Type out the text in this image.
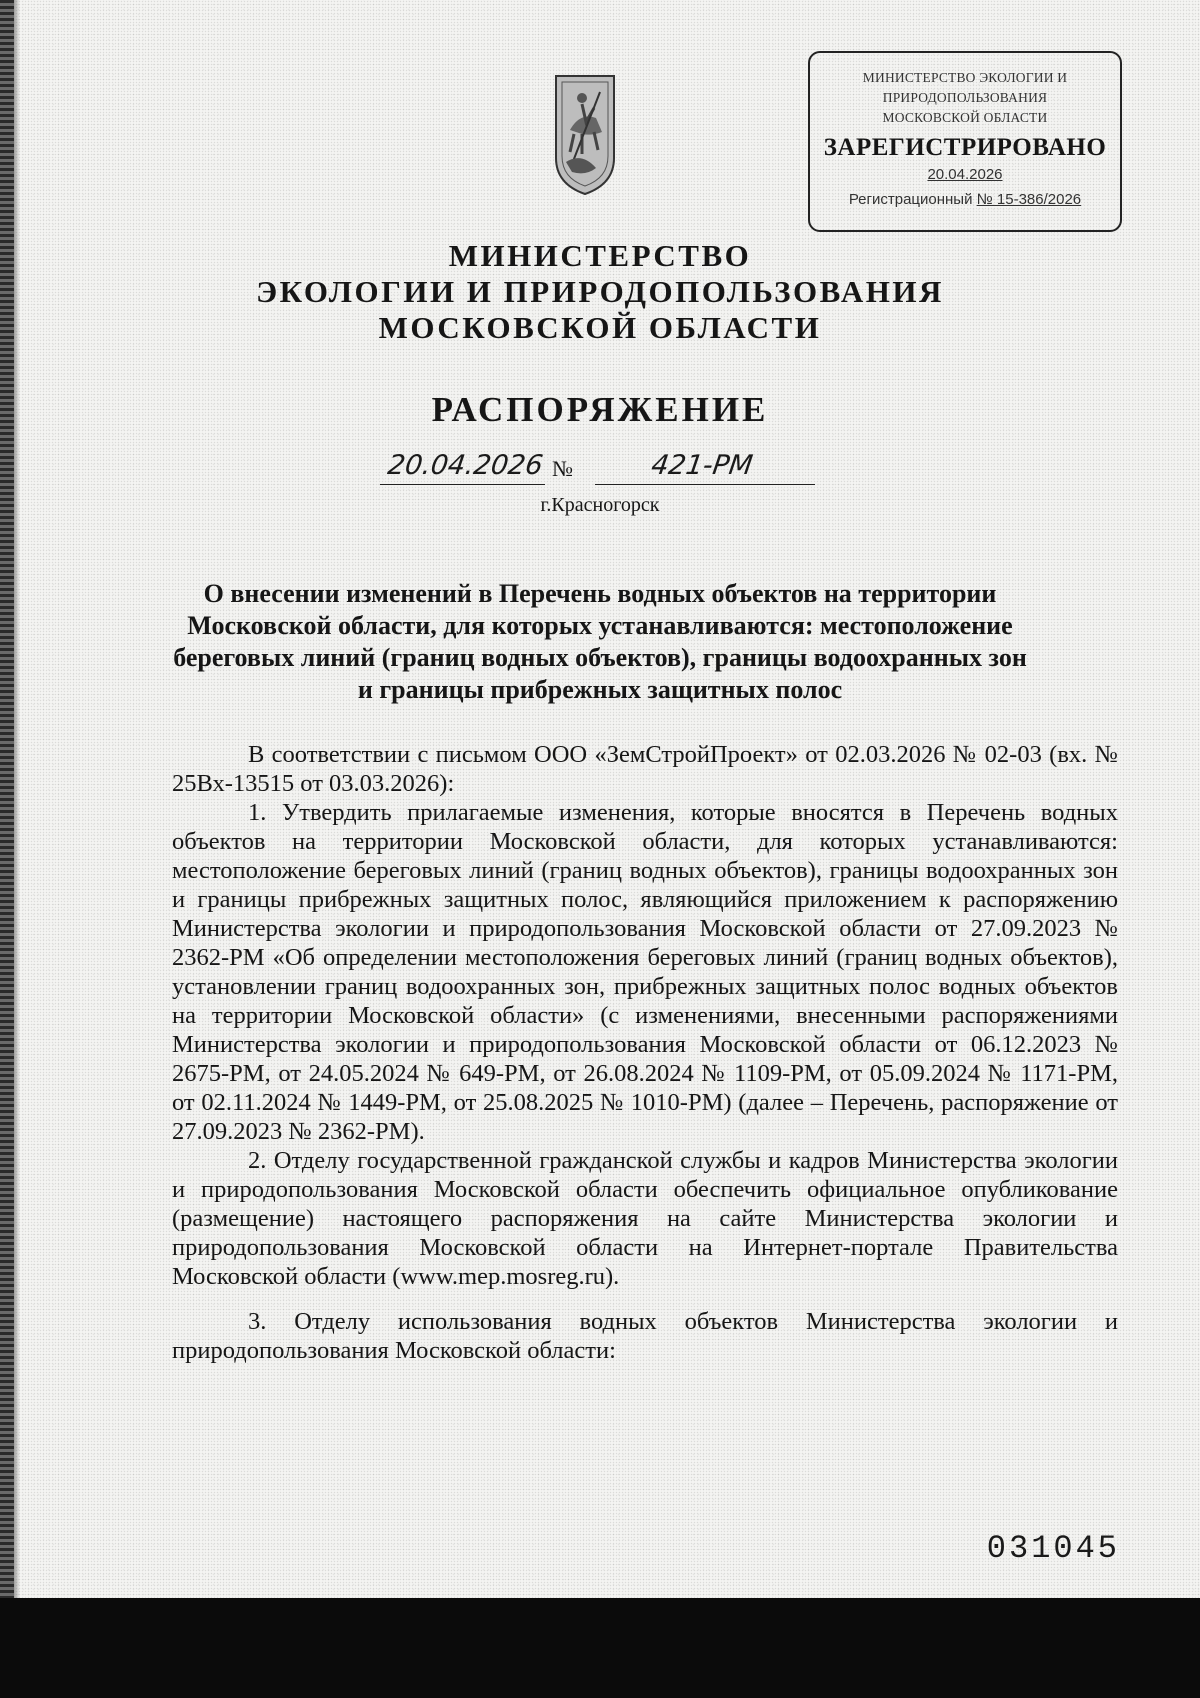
МИНИСТЕРСТВО ЭКОЛОГИИ И
ПРИРОДОПОЛЬЗОВАНИЯ
МОСКОВСКОЙ ОБЛАСТИ
ЗАРЕГИСТРИРОВАНО
20.04.2026
Регистрационный № 15-386/2026
МИНИСТЕРСТВО
ЭКОЛОГИИ И ПРИРОДОПОЛЬЗОВАНИЯ
МОСКОВСКОЙ ОБЛАСТИ
РАСПОРЯЖЕНИЕ
20.04.2026 №	421-РМ
г.Красногорск
О внесении изменений в Перечень водных объектов на территории
Московской области, для которых устанавливаются: местоположение
береговых линий (границ водных объектов), границы водоохранных зон
и границы прибрежных защитных полос

В соответствии с письмом ООО «ЗемСтройПроект» от 02.03.2026 № 02-03 (вх. № 25Вх-13515 от 03.03.2026):

1. Утвердить прилагаемые изменения, которые вносятся в Перечень водных объектов на территории Московской области, для которых устанавливаются: местоположение береговых линий (границ водных объектов), границы водоохранных зон и границы прибрежных защитных полос, являющийся приложением к распоряжению Министерства экологии и природопользования Московской области от 27.09.2023 № 2362-РМ «Об определении местоположения береговых линий (границ водных объектов), установлении границ водоохранных зон, прибрежных защитных полос водных объектов на территории Московской области» (с изменениями, внесенными распоряжениями Министерства экологии и природопользования Московской области от 06.12.2023 № 2675-РМ, от 24.05.2024 № 649-РМ, от 26.08.2024 № 1109-РМ, от 05.09.2024 № 1171-РМ, от 02.11.2024 № 1449-РМ, от 25.08.2025 № 1010-РМ) (далее – Перечень, распоряжение от 27.09.2023 № 2362-РМ).

2. Отделу государственной гражданской службы и кадров Министерства экологии и природопользования Московской области обеспечить официальное опубликование (размещение) настоящего распоряжения на сайте Министерства экологии и природопользования Московской области на Интернет-портале Правительства Московской области (www.mep.mosreg.ru).

3. Отделу использования водных объектов Министерства экологии и природопользования Московской области:

031045
